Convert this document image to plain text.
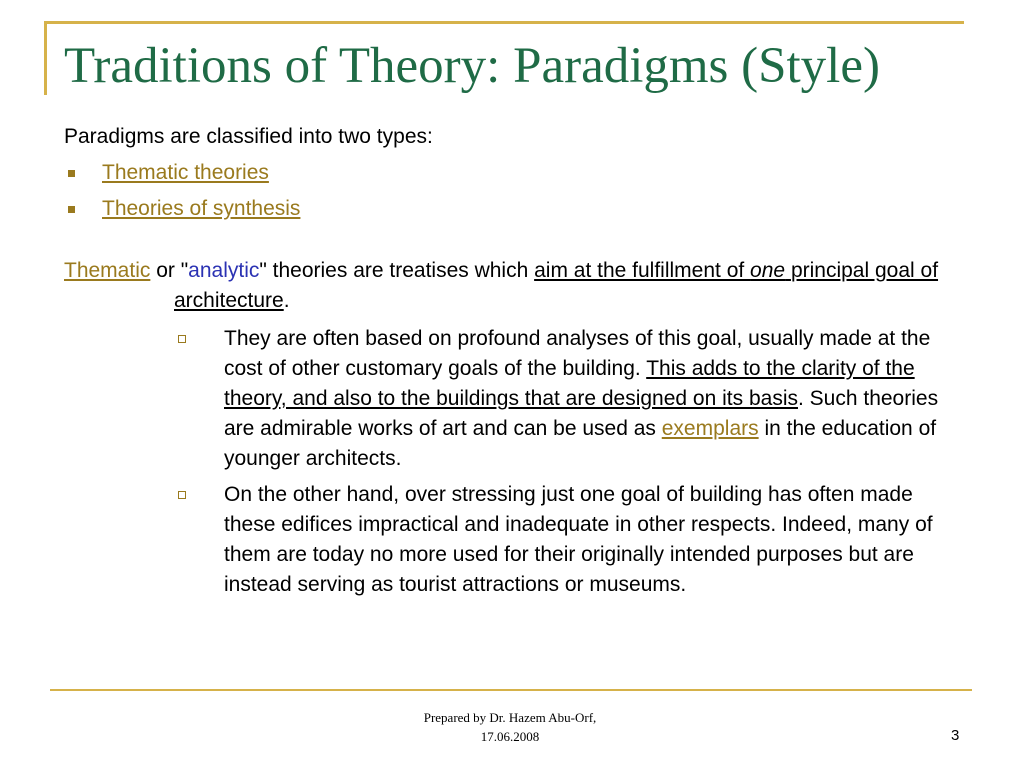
Traditions of Theory: Paradigms (Style)

Paradigms are classified into two types:

Thematic theories
Theories of synthesis

Thematic or "analytic" theories are treatises which aim at the fulfillment of one principal goal of architecture.

They are often based on profound analyses of this goal, usually made at the cost of other customary goals of the building. This adds to the clarity of the theory, and also to the buildings that are designed on its basis. Such theories are admirable works of art and can be used as exemplars in the education of younger architects.
On the other hand, over stressing just one goal of building has often made these edifices impractical and inadequate in other respects. Indeed, many of them are today no more used for their originally intended purposes but are instead serving as tourist attractions or museums.
Prepared by Dr. Hazem Abu-Orf,
17.06.2008	3
